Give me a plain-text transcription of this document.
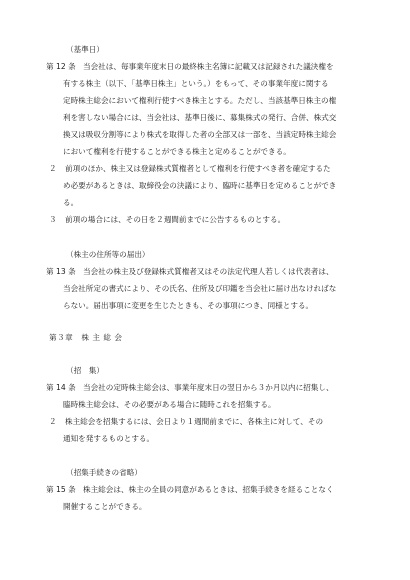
（基準日）
第 12 条 当会社は、毎事業年度末日の最終株主名簿に記載又は記録された議決権を
有する株主（以下、「基準日株主」という。）をもって、その事業年度に関する
定時株主総会において権利行使すべき株主とする。ただし、当該基準日株主の権
利を害しない場合には、当会社は、基準日後に、募集株式の発行、合併、株式交
換又は吸収分割等により株式を取得した者の全部又は一部を、当該定時株主総会
において権利を行使することができる株主と定めることができる。
２ 前項のほか、株主又は登録株式質権者として権利を行使すべき者を確定するた
め必要があるときは、取締役会の決議により、臨時に基準日を定めることができ
る。
３ 前項の場合には、その日を２週間前までに公告するものとする。
（株主の住所等の届出）
第 13 条 当会社の株主及び登録株式質権者又はその法定代理人若しくは代表者は、
当会社所定の書式により、その氏名、住所及び印鑑を当会社に届け出なければな
らない。届出事項に変更を生じたときも、その事項につき、同様とする。
第３章　株 主 総 会
（招　集）
第 14 条 当会社の定時株主総会は、事業年度末日の翌日から３か月以内に招集し、
臨時株主総会は、その必要がある場合に随時これを招集する。
２ 株主総会を招集するには、会日より１週間前までに、各株主に対して、その
通知を発するものとする。
（招集手続きの省略）
第 15 条 株主総会は、株主の全員の同意があるときは、招集手続きを経ることなく
開催することができる。
